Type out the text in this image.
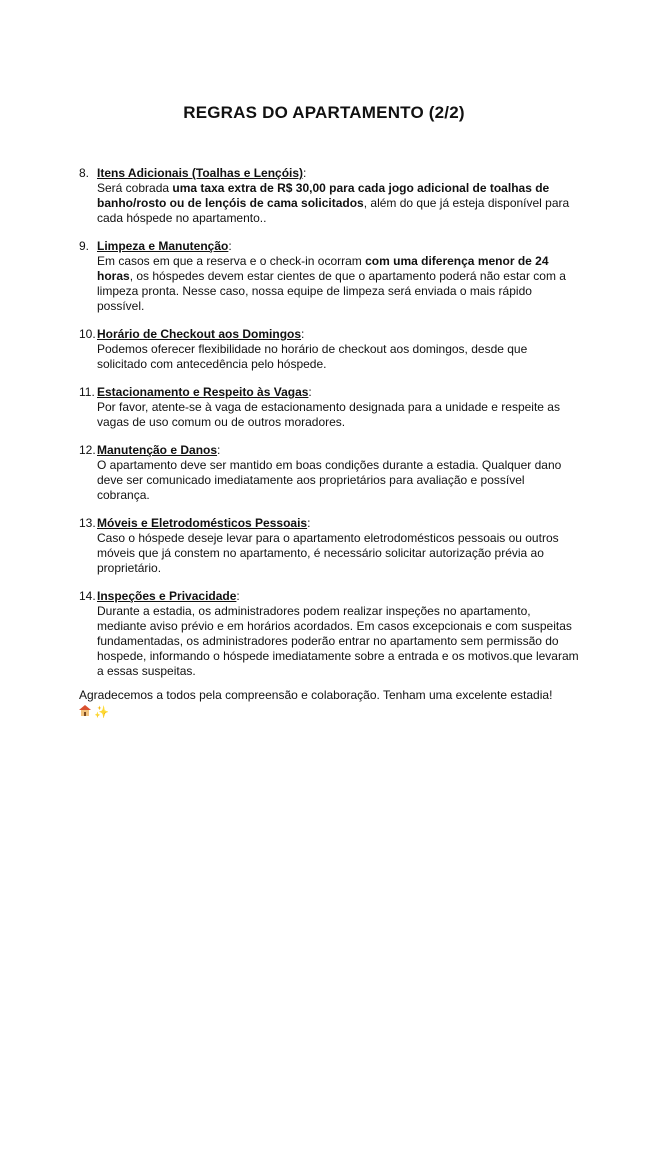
REGRAS DO APARTAMENTO (2/2)
8. Itens Adicionais (Toalhas e Lençóis):
Será cobrada uma taxa extra de R$ 30,00 para cada jogo adicional de toalhas de banho/rosto ou de lençóis de cama solicitados, além do que já esteja disponível para cada hóspede no apartamento..
9. Limpeza e Manutenção:
Em casos em que a reserva e o check-in ocorram com uma diferença menor de 24 horas, os hóspedes devem estar cientes de que o apartamento poderá não estar com a limpeza pronta. Nesse caso, nossa equipe de limpeza será enviada o mais rápido possível.
10. Horário de Checkout aos Domingos:
Podemos oferecer flexibilidade no horário de checkout aos domingos, desde que solicitado com antecedência pelo hóspede.
11. Estacionamento e Respeito às Vagas:
Por favor, atente-se à vaga de estacionamento designada para a unidade e respeite as vagas de uso comum ou de outros moradores.
12. Manutenção e Danos:
O apartamento deve ser mantido em boas condições durante a estadia. Qualquer dano deve ser comunicado imediatamente aos proprietários para avaliação e possível cobrança.
13. Móveis e Eletrodomésticos Pessoais:
Caso o hóspede deseje levar para o apartamento eletrodomésticos pessoais ou outros móveis que já constem no apartamento, é necessário solicitar autorização prévia ao proprietário.
14. Inspeções e Privacidade:
Durante a estadia, os administradores podem realizar inspeções no apartamento, mediante aviso prévio e em horários acordados. Em casos excepcionais e com suspeitas fundamentadas, os administradores poderão entrar no apartamento sem permissão do hospede, informando o hóspede imediatamente sobre a entrada e os motivos.que levaram a essas suspeitas.
Agradecemos a todos pela compreensão e colaboração. Tenham uma excelente estadia!
✨
